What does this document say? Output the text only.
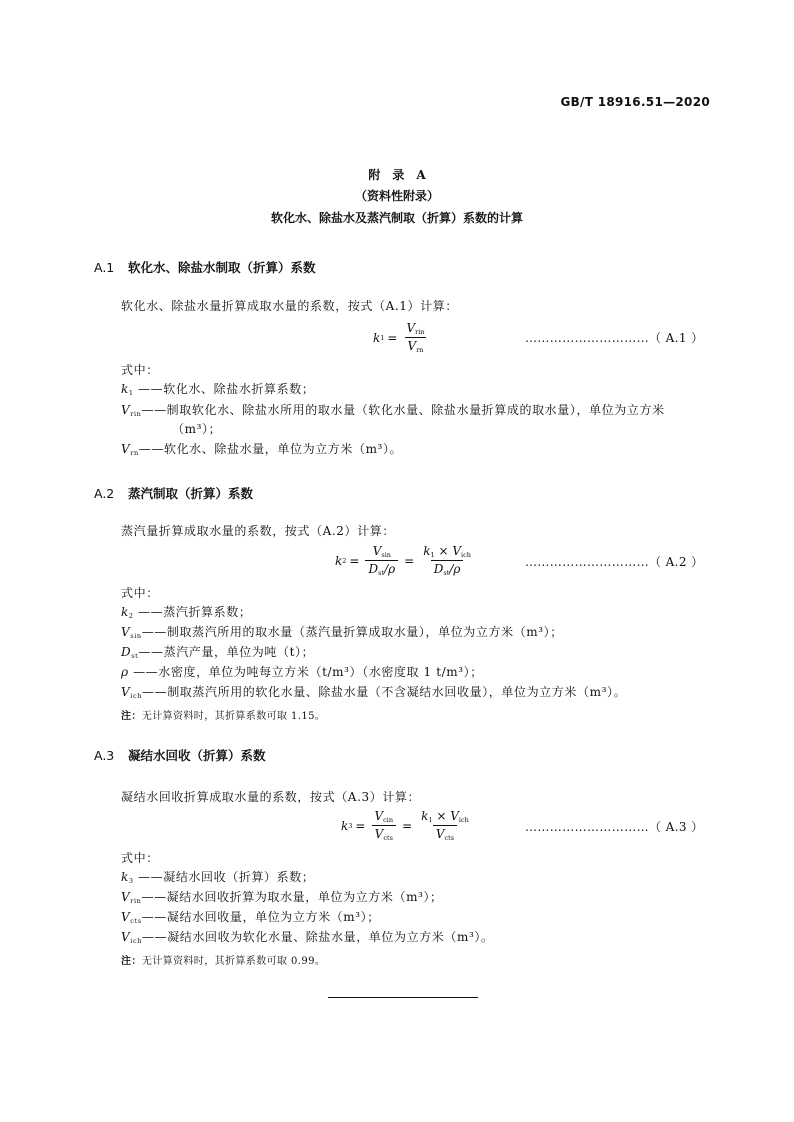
GB/T 18916.51—2020
附　录　A
（资料性附录）
软化水、除盐水及蒸汽制取（折算）系数的计算
A.1 软化水、除盐水制取（折算）系数
软化水、除盐水量折算成取水量的系数，按式（A.1）计算：
k $1 = \frac{V_{rin}}{V_{rn}}$	…………………………（ A.1 ）
式中：
$k_1$ ——软化水、除盐水折算系数；
$V_{rin}——$制取软化水、除盐水所用的取水量（软化水量、除盐水量折算成的取水量），单位为立方米
（m³）；
$V_{rn}——$软化水、除盐水量，单位为立方米（m³）。
A.2 蒸汽制取（折算）系数
蒸汽量折算成取水量的系数，按式（A.2）计算：
k $2 = \frac{V_{sin}}{D_{st}/\rho} = \frac{k_1 \times V_{ich}}{D_{st}/\rho}$	…………………………（ A.2 ）
式中：
$k_2$ ——蒸汽折算系数；
$V_{sin}——$制取蒸汽所用的取水量（蒸汽量折算成取水量），单位为立方米（m³）；
$D_{st}——$蒸汽产量，单位为吨（t）；
ρ ——水密度，单位为吨每立方米（t/m³）（水密度取 1 t/m³）；
$V_{ich}——$制取蒸汽所用的软化水量、除盐水量（不含凝结水回收量），单位为立方米（m³）。
注：无计算资料时，其折算系数可取 1.15。
A.3 凝结水回收（折算）系数
凝结水回收折算成取水量的系数，按式（A.3）计算：
k $3 = \frac{V_{cin}}{V_{cts}} = \frac{k_1 \times V_{ich}}{V_{cts}}$	…………………………（ A.3 ）
式中：
$k_3$ ——凝结水回收（折算）系数；
$V_{rin}——$凝结水回收折算为取水量，单位为立方米（m³）；
$V_{cts}——$凝结水回收量，单位为立方米（m³）；
$V_{ich}——$凝结水回收为软化水量、除盐水量，单位为立方米（m³）。
注：无计算资料时，其折算系数可取 0.99。
